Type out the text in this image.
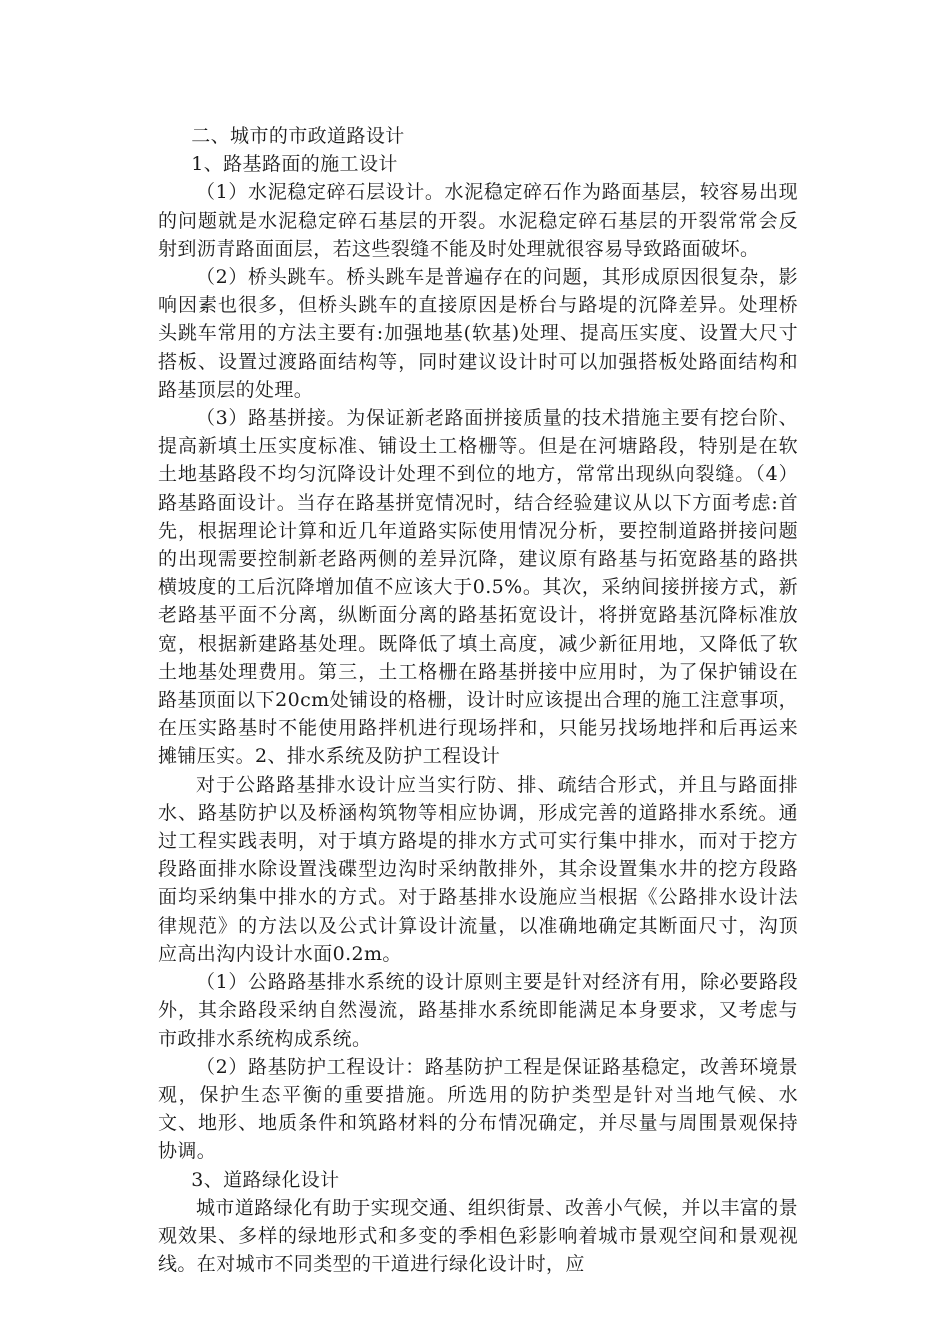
二、城市的市政道路设计

1、路基路面的施工设计

（1）水泥稳定碎石层设计。水泥稳定碎石作为路面基层，较容易出现的问题就是水泥稳定碎石基层的开裂。水泥稳定碎石基层的开裂常常会反射到沥青路面面层，若这些裂缝不能及时处理就很容易导致路面破坏。

（2）桥头跳车。桥头跳车是普遍存在的问题，其形成原因很复杂，影响因素也很多，但桥头跳车的直接原因是桥台与路堤的沉降差异。处理桥头跳车常用的方法主要有:加强地基(软基)处理、提高压实度、设置大尺寸搭板、设置过渡路面结构等，同时建议设计时可以加强搭板处路面结构和路基顶层的处理。

（3）路基拼接。为保证新老路面拼接质量的技术措施主要有挖台阶、提高新填土压实度标准、铺设土工格栅等。但是在河塘路段，特别是在软土地基路段不均匀沉降设计处理不到位的地方，常常出现纵向裂缝。（4）路基路面设计。当存在路基拼宽情况时，结合经验建议从以下方面考虑:首先，根据理论计算和近几年道路实际使用情况分析，要控制道路拼接问题的出现需要控制新老路两侧的差异沉降，建议原有路基与拓宽路基的路拱横坡度的工后沉降增加值不应该大于0.5%。其次，采纳间接拼接方式，新老路基平面不分离，纵断面分离的路基拓宽设计，将拼宽路基沉降标准放宽，根据新建路基处理。既降低了填土高度，减少新征用地，又降低了软土地基处理费用。第三，土工格栅在路基拼接中应用时，为了保护铺设在路基顶面以下20cm处铺设的格栅，设计时应该提出合理的施工注意事项，在压实路基时不能使用路拌机进行现场拌和，只能另找场地拌和后再运来摊铺压实。2、排水系统及防护工程设计

对于公路路基排水设计应当实行防、排、疏结合形式，并且与路面排水、路基防护以及桥涵构筑物等相应协调，形成完善的道路排水系统。通过工程实践表明，对于填方路堤的排水方式可实行集中排水，而对于挖方段路面排水除设置浅碟型边沟时采纳散排外，其余设置集水井的挖方段路面均采纳集中排水的方式。对于路基排水设施应当根据《公路排水设计法律规范》的方法以及公式计算设计流量，以准确地确定其断面尺寸，沟顶应高出沟内设计水面0.2m。

（1）公路路基排水系统的设计原则主要是针对经济有用，除必要路段外，其余路段采纳自然漫流，路基排水系统即能满足本身要求，又考虑与市政排水系统构成系统。

（2）路基防护工程设计：路基防护工程是保证路基稳定，改善环境景观，保护生态平衡的重要措施。所选用的防护类型是针对当地气候、水文、地形、地质条件和筑路材料的分布情况确定，并尽量与周围景观保持协调。

3、道路绿化设计

城市道路绿化有助于实现交通、组织街景、改善小气候，并以丰富的景观效果、多样的绿地形式和多变的季相色彩影响着城市景观空间和景观视线。在对城市不同类型的干道进行绿化设计时，应
